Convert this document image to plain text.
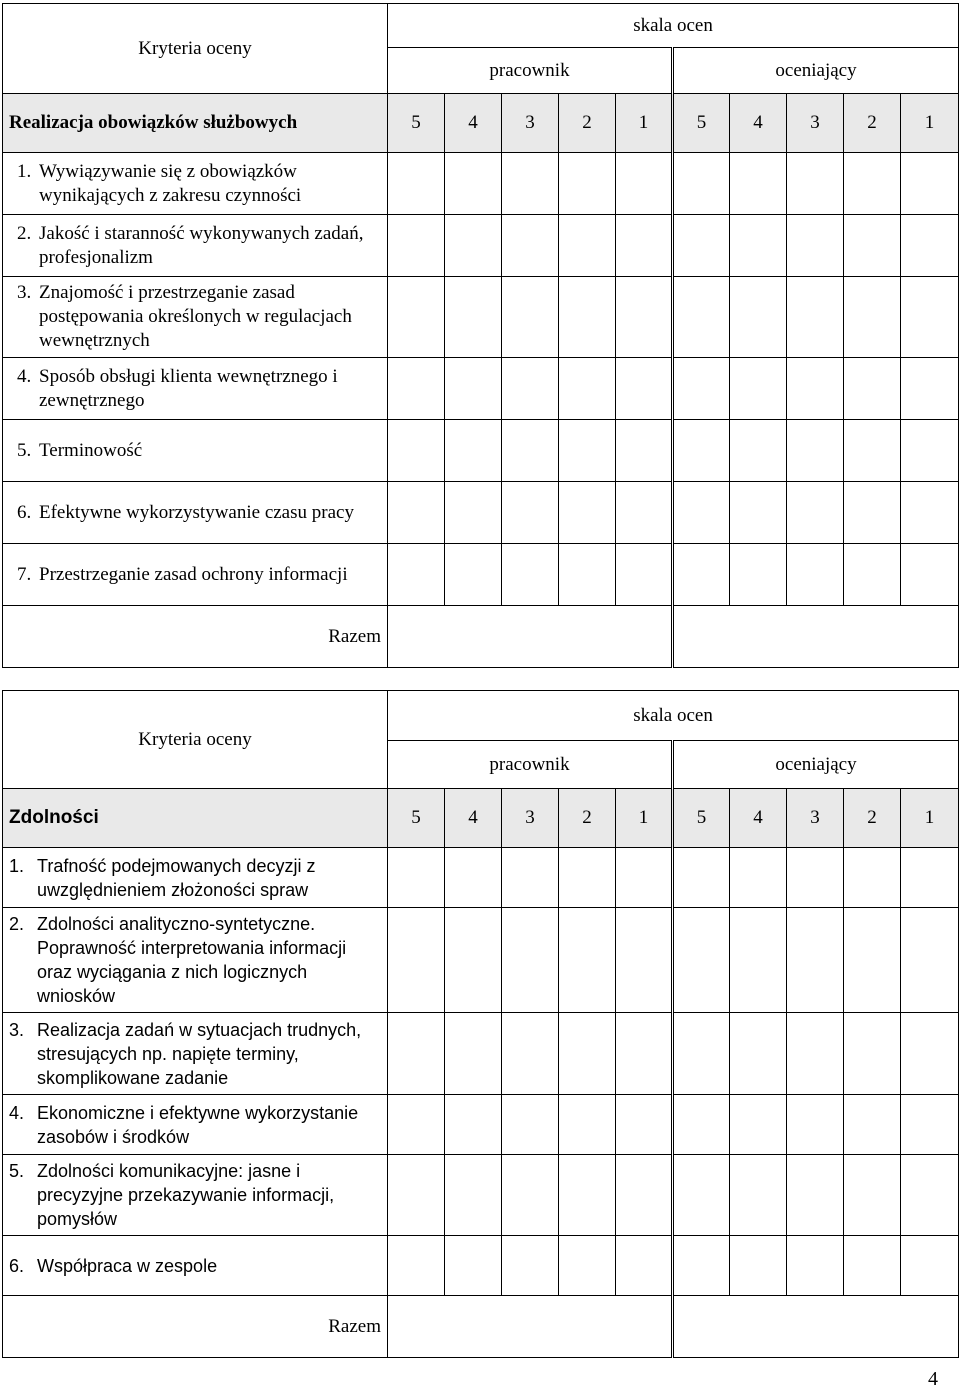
Kryteria oceny	skala ocen									
	pracownik					oceniający				
Realizacja obowiązków służbowych	5	4	3	2	1	5	4	3	2	1

1. Wywiązywanie się z obowiązków wynikających z zakresu czynności										

2. Jakość i staranność wykonywanych zadań, profesjonalizm										

3. Znajomość i przestrzeganie zasad postępowania określonych w regulacjach wewnętrznych										

4. Sposób obsługi klienta wewnętrznego i zewnętrznego										

5. Terminowość										

6. Efektywne wykorzystywanie czasu pracy										

7. Przestrzeganie zasad ochrony informacji										

Razem										
Kryteria oceny	skala ocen									
	pracownik					oceniający				
Zdolności	5	4	3	2	1	5	4	3	2	1

1. Trafność podejmowanych decyzji z uwzględnieniem złożoności spraw										

2. Zdolności analityczno-syntetyczne. Poprawność interpretowania informacji oraz wyciągania z nich logicznych wniosków										

3. Realizacja zadań w sytuacjach trudnych, stresujących np. napięte terminy, skomplikowane zadanie										

4. Ekonomiczne i efektywne wykorzystanie zasobów i środków										

5. Zdolności komunikacyjne: jasne i precyzyjne przekazywanie informacji, pomysłów										

6. Współpraca w zespole										

Razem										
4
